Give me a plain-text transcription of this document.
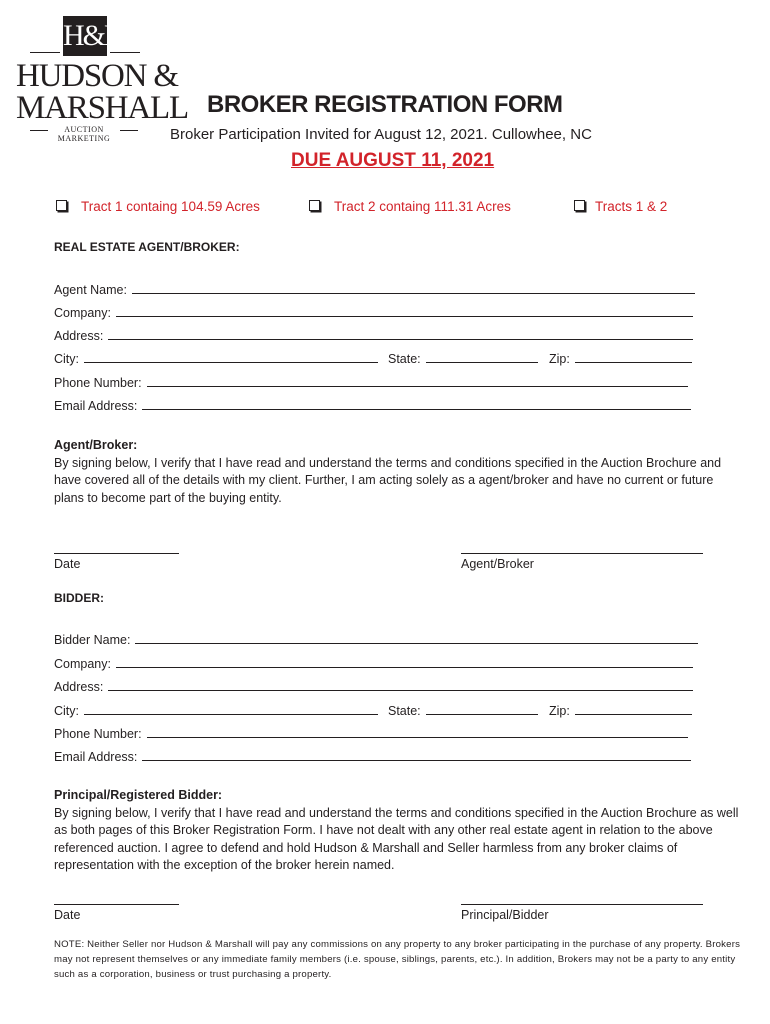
H&M
HUDSON &
MARSHALL
AUCTION
MARKETING
BROKER REGISTRATION FORM
Broker Participation Invited for August 12, 2021. Cullowhee, NC
DUE AUGUST 11, 2021
Tract 1 containg 104.59 Acres	Tract 2 containg 111.31 Acres	Tracts 1 & 2
REAL ESTATE AGENT/BROKER:
Agent Name:
Company:
Address:
City:	State:	Zip:
Phone Number:
Email Address:
Agent/Broker:
By signing below, I verify that I have read and understand the terms and conditions specified in the Auction Brochure and have covered all of the details with my client. Further, I am acting solely as a agent/broker and have no current or future plans to become part of the buying entity.
Date	Agent/Broker
BIDDER:
Bidder Name:
Company:
Address:
City:	State:	Zip:
Phone Number:
Email Address:
Principal/Registered Bidder:
By signing below, I verify that I have read and understand the terms and conditions specified in the Auction Brochure as well as both pages of this Broker Registration Form. I have not dealt with any other real estate agent in relation to the above referenced auction. I agree to defend and hold Hudson & Marshall and Seller harmless from any broker claims of representation with the exception of the broker herein named.
Date	Principal/Bidder
NOTE: Neither Seller nor Hudson & Marshall will pay any commissions on any property to any broker participating in the purchase of any property. Brokers may not represent themselves or any immediate family members (i.e. spouse, siblings, parents, etc.). In addition, Brokers may not be a party to any entity such as a corporation, business or trust purchasing a property.
